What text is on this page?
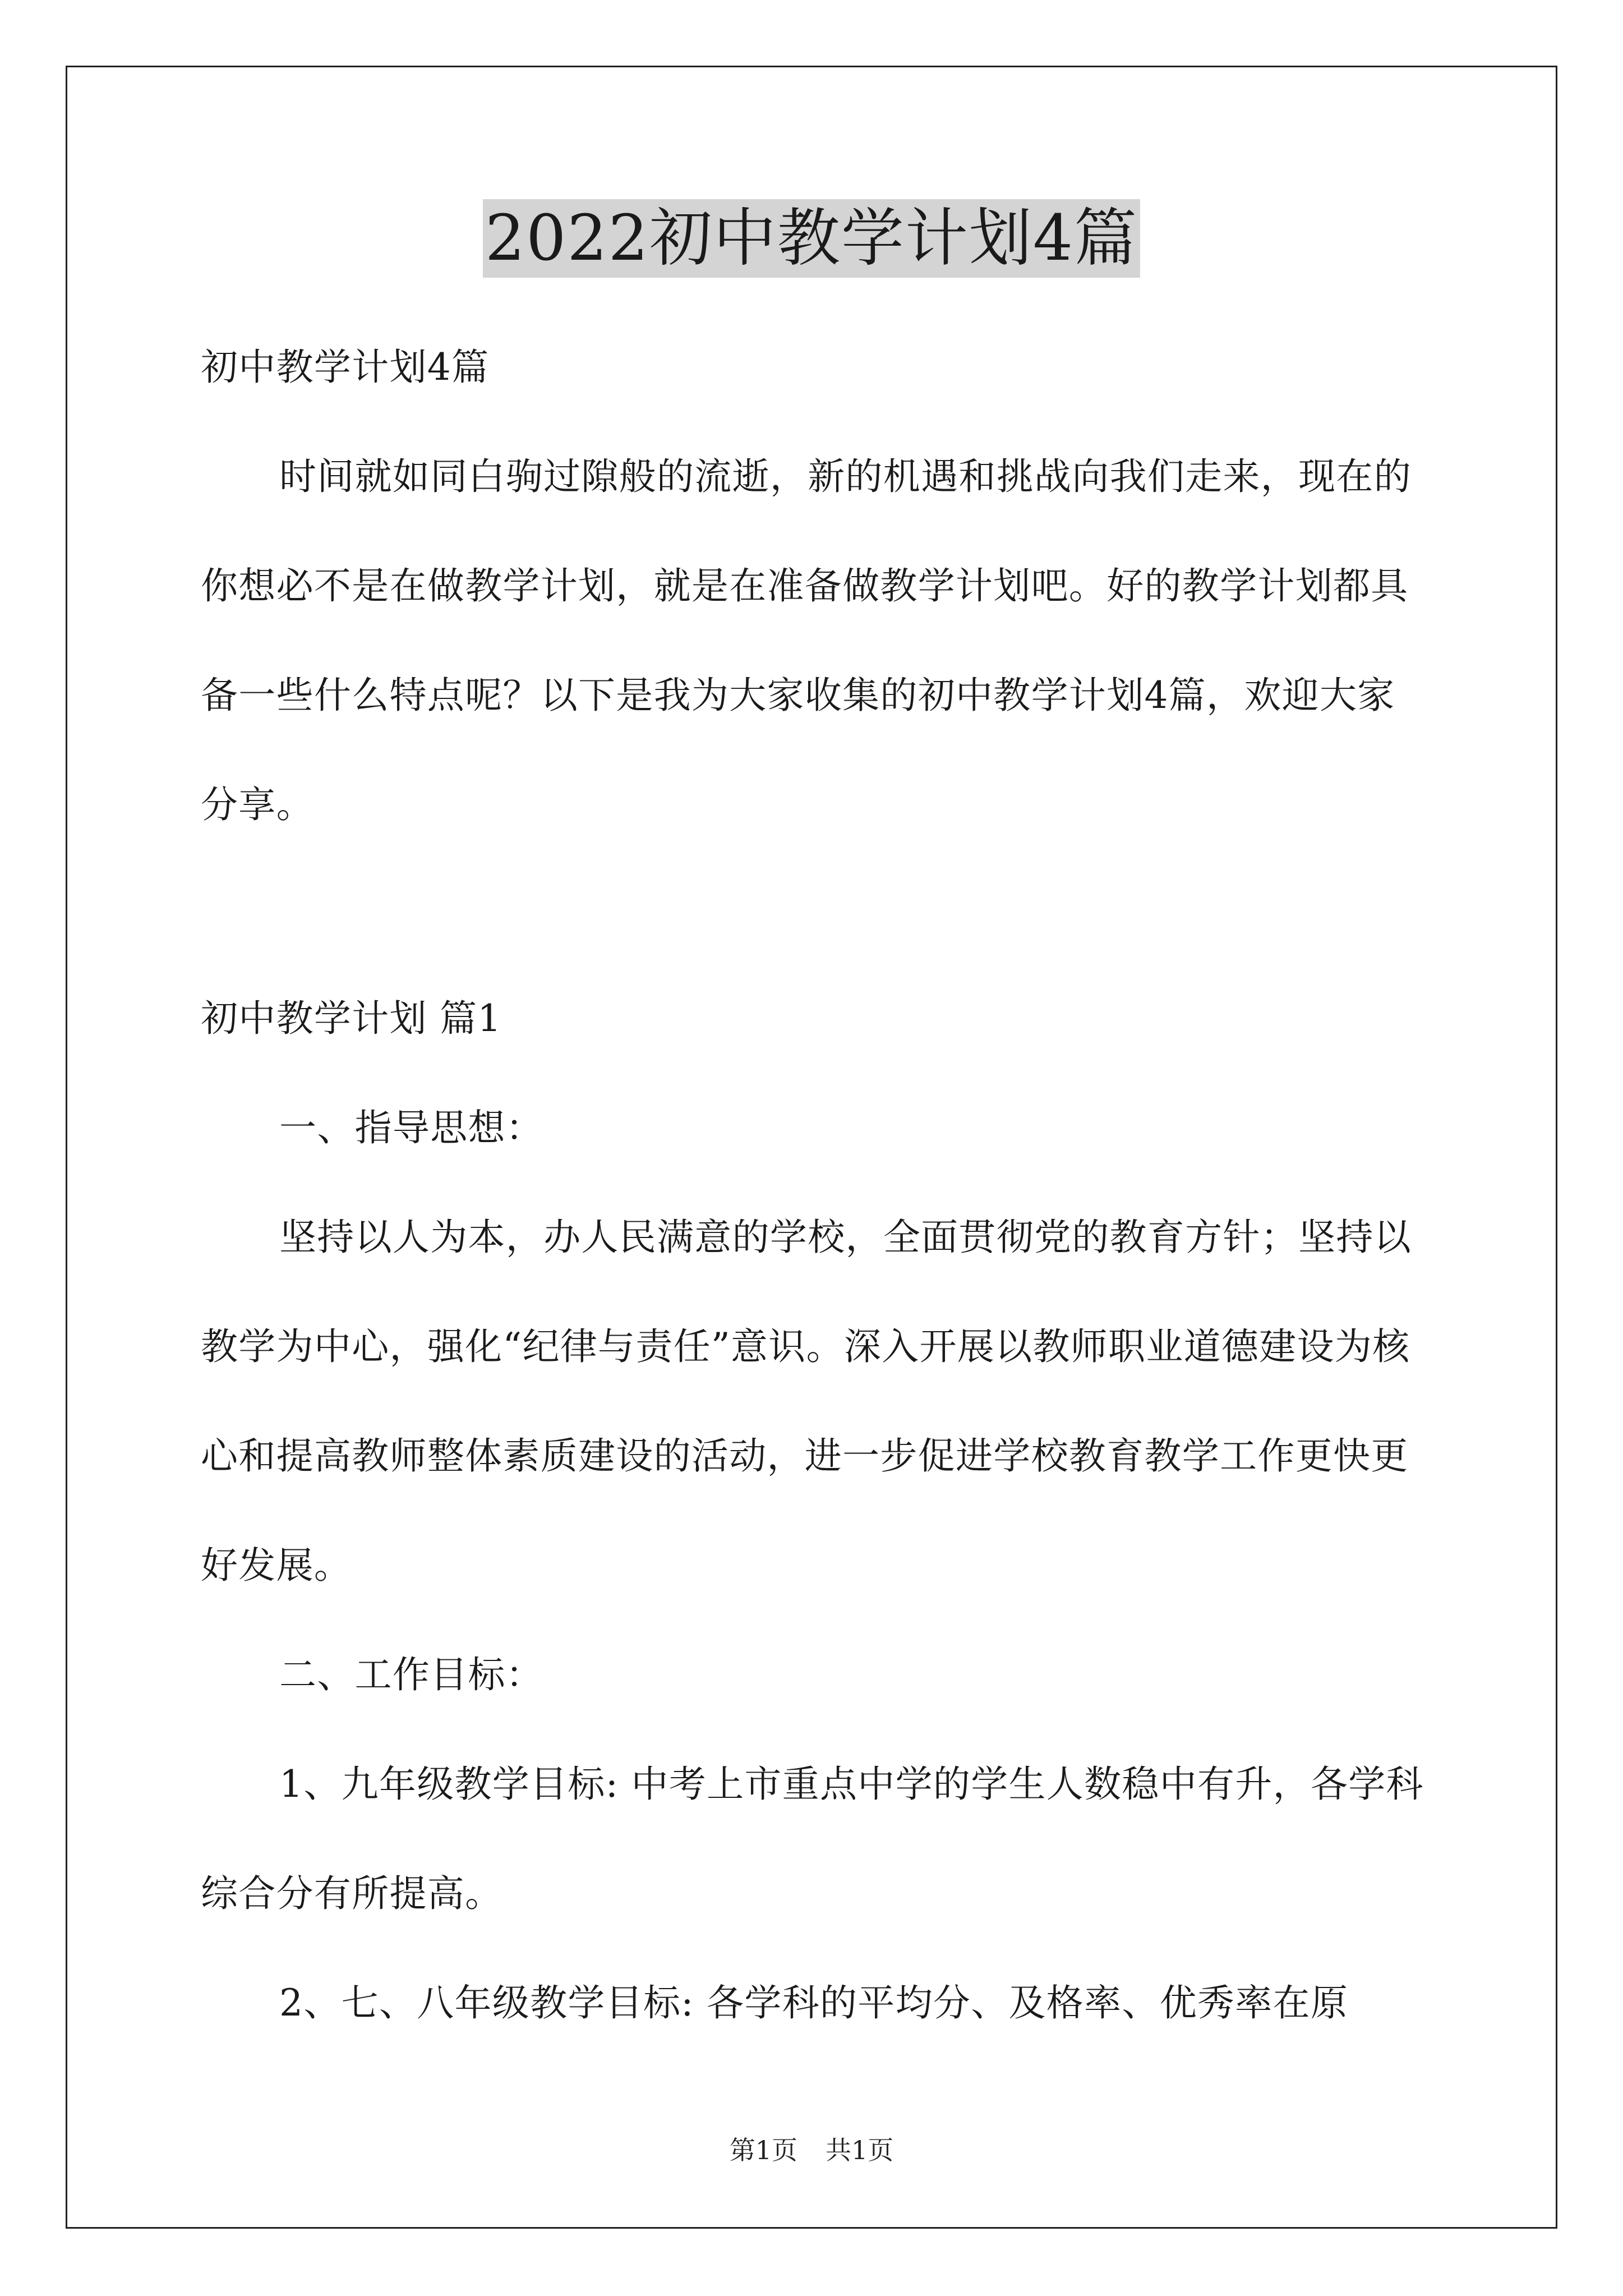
2022初中教学计划4篇

初中教学计划4篇

时间就如同白驹过隙般的流逝，新的机遇和挑战向我们走来，现在的你想必不是在做教学计划，就是在准备做教学计划吧。好的教学计划都具备一些什么特点呢？以下是我为大家收集的初中教学计划4篇，欢迎大家分享。

初中教学计划 篇1

一、指导思想：

坚持以人为本，办人民满意的学校，全面贯彻党的教育方针；坚持以教学为中心，强化“纪律与责任”意识。深入开展以教师职业道德建设为核心和提高教师整体素质建设的活动，进一步促进学校教育教学工作更快更好发展。

二、工作目标：

1、九年级教学目标: 中考上市重点中学的学生人数稳中有升，各学科综合分有所提高。

2、七、八年级教学目标: 各学科的平均分、及格率、优秀率在原

第1页 共1页
